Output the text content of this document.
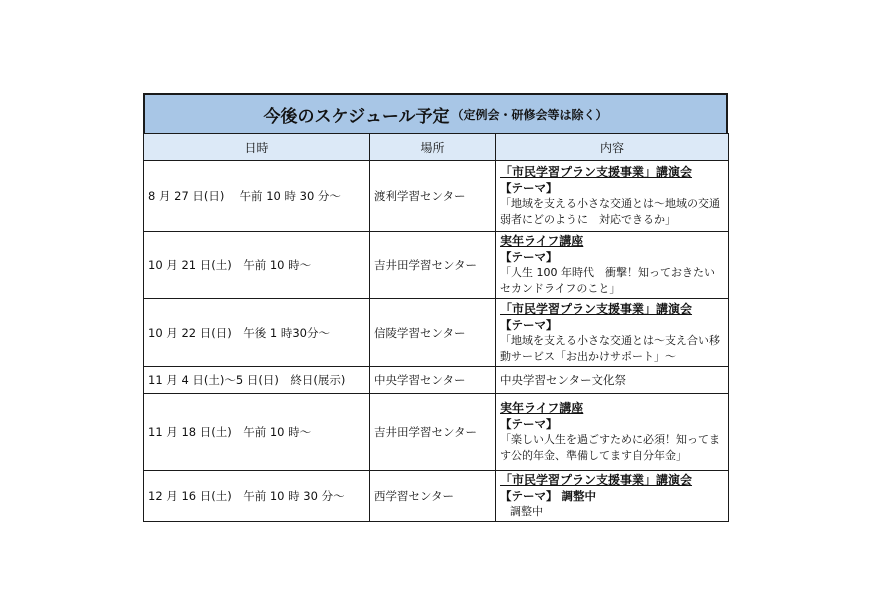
今後のスケジュール予定 （定例会・研修会等は除く）
日時	場所	内容
8 月 27 日(日)　 午前 10 時 30 分～	渡利学習センター	「市民学習プラン支援事業」講演会
【テーマ】
「地域を支える小さな交通とは～地域の交通弱者にどのように　対応できるか」

10 月 21 日(土)　午前 10 時～	吉井田学習センター	実年ライフ講座
【テーマ】
「人生 100 年時代　衝撃！知っておきたいセカンドライフのこと」

10 月 22 日(日)　午後 1 時30分～	信陵学習センター	「市民学習プラン支援事業」講演会
【テーマ】
「地域を支える小さな交通とは～支え合い移動サービス「お出かけサポート」～

11 月 4 日(土)～5 日(日)　終日(展示)	中央学習センター	中央学習センター文化祭

11 月 18 日(土)　午前 10 時～	吉井田学習センター	実年ライフ講座
【テーマ】
「楽しい人生を過ごすために必須！知ってます公的年金、準備してます自分年金」

12 月 16 日(土)　午前 10 時 30 分～	西学習センター	「市民学習プラン支援事業」講演会
【テーマ】 調整中
調整中
